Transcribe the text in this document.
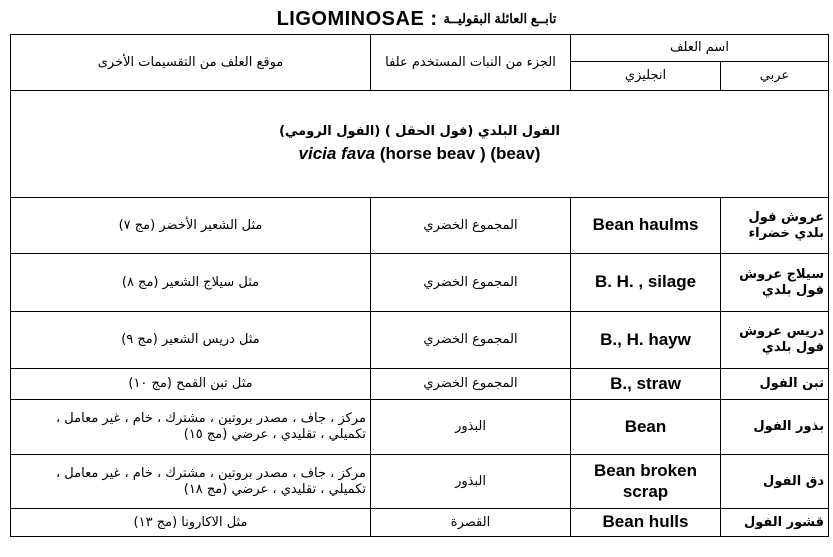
LIGOMINOSAE : تابــع العائلة البقوليــة
اسم العلف		الجزء من النبات المستخدم علفا	موقع العلف من التقسيمات الأخرى
عربي	انجليزي		

الفول البلدي (فول الحقل ) (الفول الرومي)
vicia fava (horse beav ) (beav)			

عروش فول بلدي خضراء	Bean haulms	المجموع الخضري	مثل الشعير الأخضر (مج ٧)
سيلاج عروش فول بلدي	B. H. , silage	المجموع الخضري	مثل سيلاج الشعير (مج ٨)
دريس عروش فول بلدي	B., H. hayw	المجموع الخضري	مثل دريس الشعير (مج ٩)
تبن الفول	B., straw	المجموع الخضري	مثل تبن القمح (مج ١٠)
بذور الفول	Bean	البذور	مركز ، جاف ، مصدر بروتين ، مشترك ، خام ، غير معامل ، تكميلي ، تقليدي ، عرضي (مج ١٥)
دق الفول	Bean broken scrap	البذور	مركز ، جاف ، مصدر بروتين ، مشترك ، خام ، غير معامل ، تكميلي ، تقليدي ، عرضي (مج ١٨)
قشور الفول	Bean hulls	القصرة	مثل الاكارونا (مج ١٣)
